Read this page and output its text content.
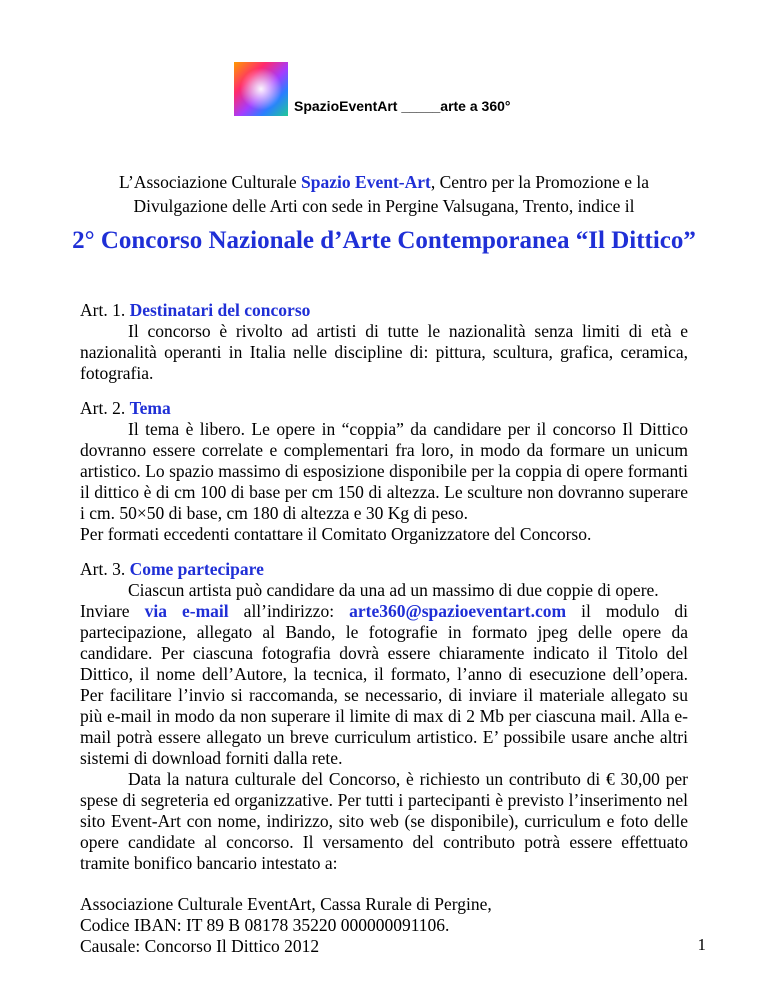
SpazioEventArt _____arte a 360°
L’Associazione Culturale Spazio Event-Art, Centro per la Promozione e la
Divulgazione delle Arti con sede in Pergine Valsugana, Trento, indice il
2° Concorso Nazionale d’Arte Contemporanea “Il Dittico”

Art. 1. Destinatari del concorso

Il concorso è rivolto ad artisti di tutte le nazionalità senza limiti di età e nazionalità operanti in Italia nelle discipline di: pittura, scultura, grafica, ceramica, fotografia.

Art. 2. Tema

Il tema è libero. Le opere in “coppia” da candidare per il concorso Il Dittico dovranno essere correlate e complementari fra loro, in modo da formare un unicum artistico. Lo spazio massimo di esposizione disponibile per la coppia di opere formanti il dittico è di cm 100 di base per cm 150 di altezza. Le sculture non dovranno superare i cm. 50×50 di base, cm 180 di altezza e 30 Kg di peso.

Per formati eccedenti contattare il Comitato Organizzatore del Concorso.

Art. 3. Come partecipare

Ciascun artista può candidare da una ad un massimo di due coppie di opere.

Inviare via e-mail all’indirizzo: arte360@spazioeventart.com il modulo di partecipazione, allegato al Bando, le fotografie in formato jpeg delle opere da candidare. Per ciascuna fotografia dovrà essere chiaramente indicato il Titolo del Dittico, il nome dell’Autore, la tecnica, il formato, l’anno di esecuzione dell’opera. Per facilitare l’invio si raccomanda, se necessario, di inviare il materiale allegato su più e-mail in modo da non superare il limite di max di 2 Mb per ciascuna mail. Alla e-mail potrà essere allegato un breve curriculum artistico. E’ possibile usare anche altri sistemi di download forniti dalla rete.

Data la natura culturale del Concorso, è richiesto un contributo di € 30,00 per spese di segreteria ed organizzative. Per tutti i partecipanti è previsto l’inserimento nel sito Event-Art con nome, indirizzo, sito web (se disponibile), curriculum e foto delle opere candidate al concorso. Il versamento del contributo potrà essere effettuato tramite bonifico bancario intestato a:

Associazione Culturale EventArt, Cassa Rurale di Pergine,

Codice IBAN: IT 89 B 08178 35220 000000091106.

Causale: Concorso Il Dittico 2012	1
